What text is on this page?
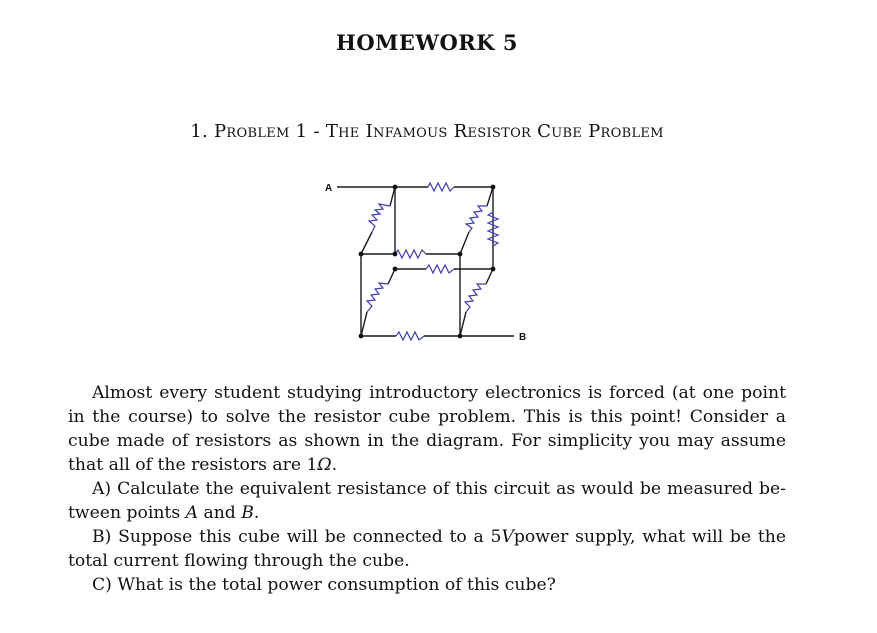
HOMEWORK 5
1. Problem 1 - The Infamous Resistor Cube Problem
A
B

Almost every student studying introductory electronics is forced (at one point in the course) to solve the resistor cube problem. This is this point! Consider a cube made of resistors as shown in the diagram. For simplicity you may assume that all of the resistors are 1Ω.

A) Calculate the equivalent resistance of this circuit as would be measured be-tween points A and B.

B) Suppose this cube will be connected to a 5Vpower supply, what will be the total current flowing through the cube.

C) What is the total power consumption of this cube?
